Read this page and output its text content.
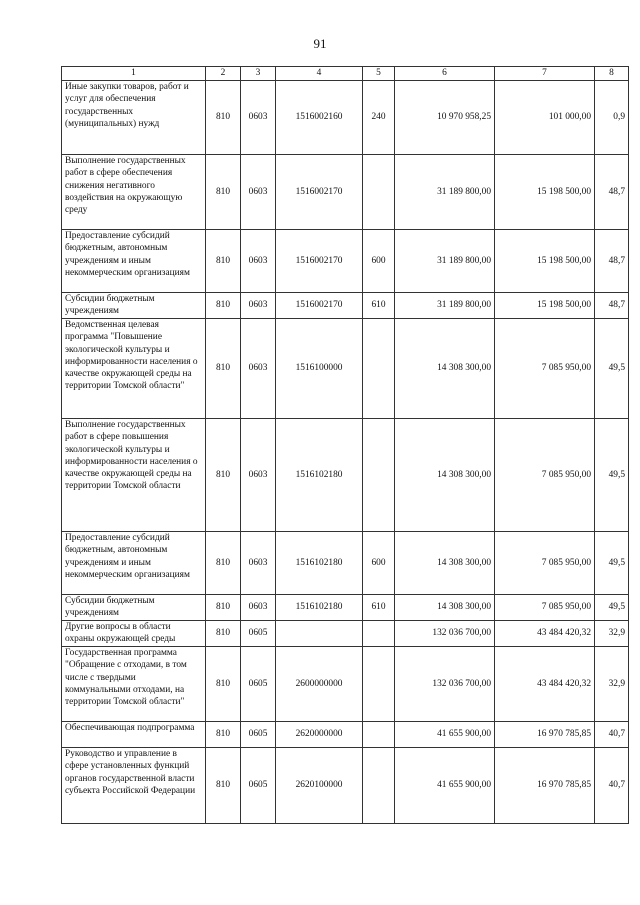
91
1	2	3	4	5	6	7	8
Иные закупки товаров, работ и услуг для обеспечения государственных (муниципальных) нужд	810	0603	1516002160	240	10 970 958,25	101 000,00	0,9
Выполнение государственных работ в сфере обеспечения снижения негативного воздействия на окружающую среду	810	0603	1516002170		31 189 800,00	15 198 500,00	48,7
Предоставление субсидий бюджетным, автономным учреждениям и иным некоммерческим организациям	810	0603	1516002170	600	31 189 800,00	15 198 500,00	48,7
Субсидии бюджетным учреждениям	810	0603	1516002170	610	31 189 800,00	15 198 500,00	48,7
Ведомственная целевая программа "Повышение экологической культуры и информированности населения о качестве окружающей среды на территории Томской области"	810	0603	1516100000		14 308 300,00	7 085 950,00	49,5
Выполнение государственных работ в сфере повышения экологической культуры и информированности населения о качестве окружающей среды на территории Томской области	810	0603	1516102180		14 308 300,00	7 085 950,00	49,5
Предоставление субсидий бюджетным, автономным учреждениям и иным некоммерческим организациям	810	0603	1516102180	600	14 308 300,00	7 085 950,00	49,5
Субсидии бюджетным учреждениям	810	0603	1516102180	610	14 308 300,00	7 085 950,00	49,5
Другие вопросы в области охраны окружающей среды	810	0605			132 036 700,00	43 484 420,32	32,9
Государственная программа "Обращение с отходами, в том числе с твердыми коммунальными отходами, на территории Томской области"	810	0605	2600000000		132 036 700,00	43 484 420,32	32,9
Обеспечивающая подпрограмма	810	0605	2620000000		41 655 900,00	16 970 785,85	40,7
Руководство и управление в сфере установленных функций органов государственной власти субъекта Российской Федерации	810	0605	2620100000		41 655 900,00	16 970 785,85	40,7
